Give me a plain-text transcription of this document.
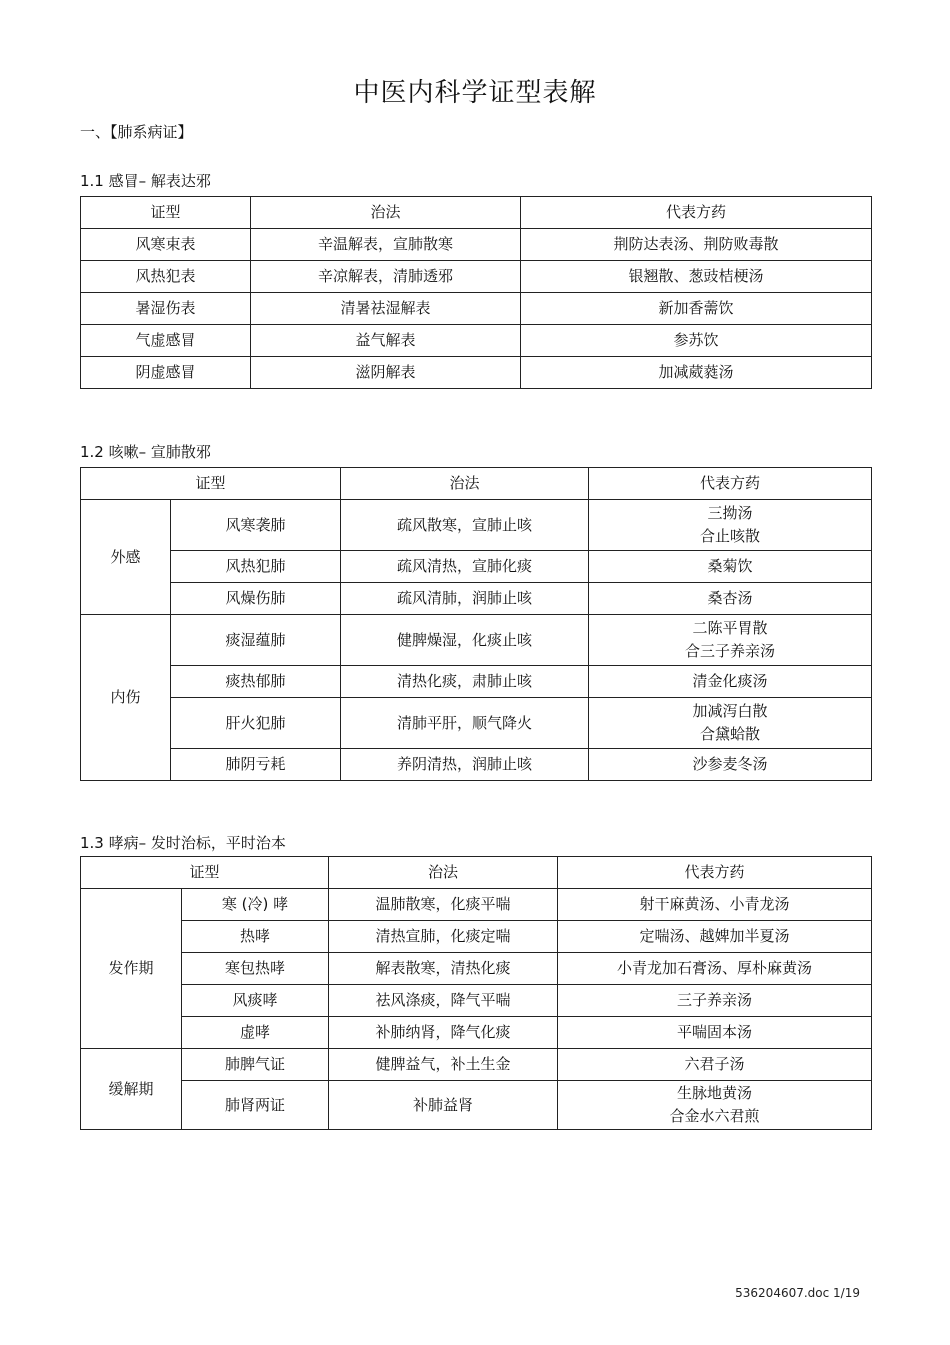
中医内科学证型表解
一、【肺系病证】
1.1 感冒– 解表达邪
证型	治法	代表方药
风寒束表	辛温解表，宣肺散寒	荆防达表汤、荆防败毒散
风热犯表	辛凉解表，清肺透邪	银翘散、葱豉桔梗汤
暑湿伤表	清暑祛湿解表	新加香薷饮
气虚感冒	益气解表	参苏饮
阴虚感冒	滋阴解表	加减葳蕤汤
1.2 咳嗽– 宣肺散邪
证型		治法	代表方药
外感	风寒袭肺	疏风散寒，宣肺止咳	三拗汤
合止咳散

	风热犯肺	疏风清热，宣肺化痰	桑菊饮
	风燥伤肺	疏风清肺，润肺止咳	桑杏汤
内伤	痰湿蕴肺	健脾燥湿，化痰止咳	二陈平胃散
合三子养亲汤

	痰热郁肺	清热化痰，肃肺止咳	清金化痰汤
	肝火犯肺	清肺平肝，顺气降火	加减泻白散
合黛蛤散

	肺阴亏耗	养阴清热，润肺止咳	沙参麦冬汤
1.3 哮病– 发时治标，平时治本
证型		治法	代表方药
发作期	寒 (冷) 哮	温肺散寒，化痰平喘	射干麻黄汤、小青龙汤
	热哮	清热宣肺，化痰定喘	定喘汤、越婢加半夏汤
	寒包热哮	解表散寒，清热化痰	小青龙加石膏汤、厚朴麻黄汤
	风痰哮	祛风涤痰，降气平喘	三子养亲汤
	虚哮	补肺纳肾，降气化痰	平喘固本汤
缓解期	肺脾气证	健脾益气，补土生金	六君子汤
	肺肾两证	补肺益肾	生脉地黄汤
合金水六君煎
536204607.doc 1/19
